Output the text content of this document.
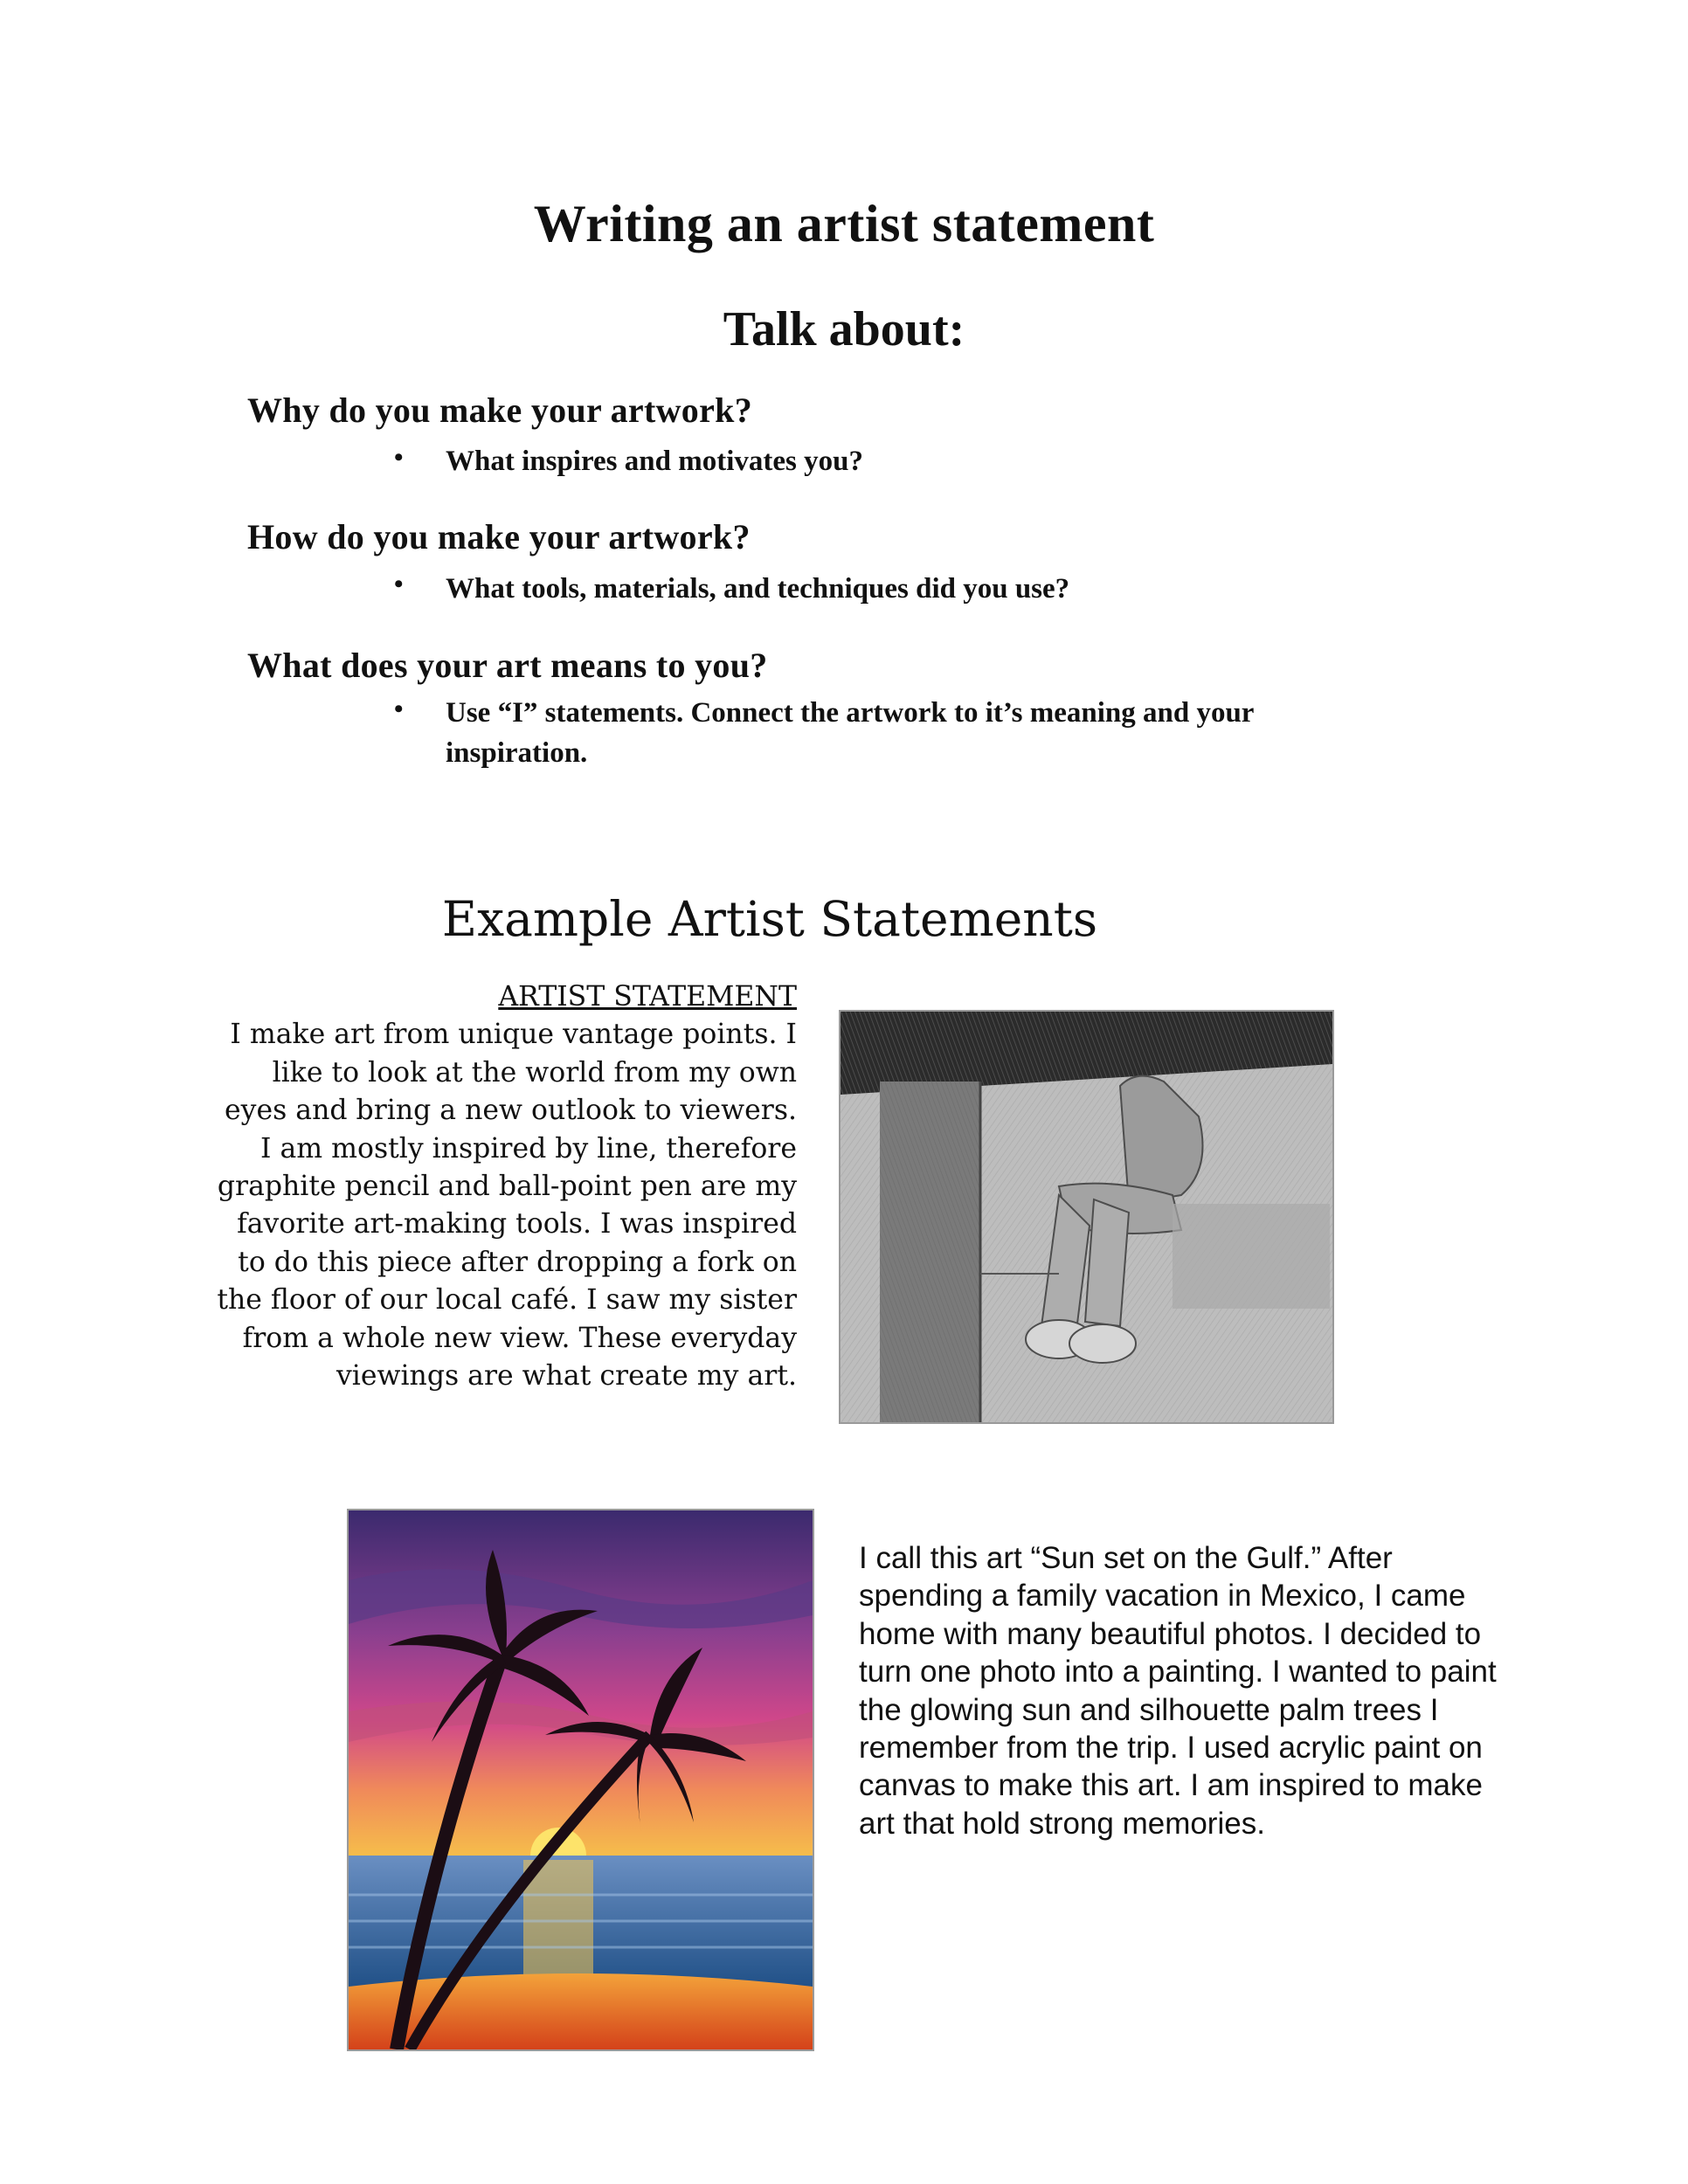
Writing an artist statement
Talk about:
Why do you make your artwork?
• What inspires and motivates you?
How do you make your artwork?
• What tools, materials, and techniques did you use?
What does your art means to you?
• Use “I” statements. Connect the artwork to it’s meaning and your inspiration.
Example Artist Statements
ARTIST STATEMENT
I make art from unique vantage points. I
like to look at the world from my own
eyes and bring a new outlook to viewers.
I am mostly inspired by line, therefore
graphite pencil and ball-point pen are my
favorite art-making tools. I was inspired
to do this piece after dropping a fork on
the floor of our local café. I saw my sister
from a whole new view. These everyday
viewings are what create my art.
I call this art “Sun set on the Gulf.” After
spending a family vacation in Mexico, I came
home with many beautiful photos. I decided to
turn one photo into a painting. I wanted to paint
the glowing sun and silhouette palm trees I
remember from the trip. I used acrylic paint on
canvas to make this art. I am inspired to make
art that hold strong memories.
